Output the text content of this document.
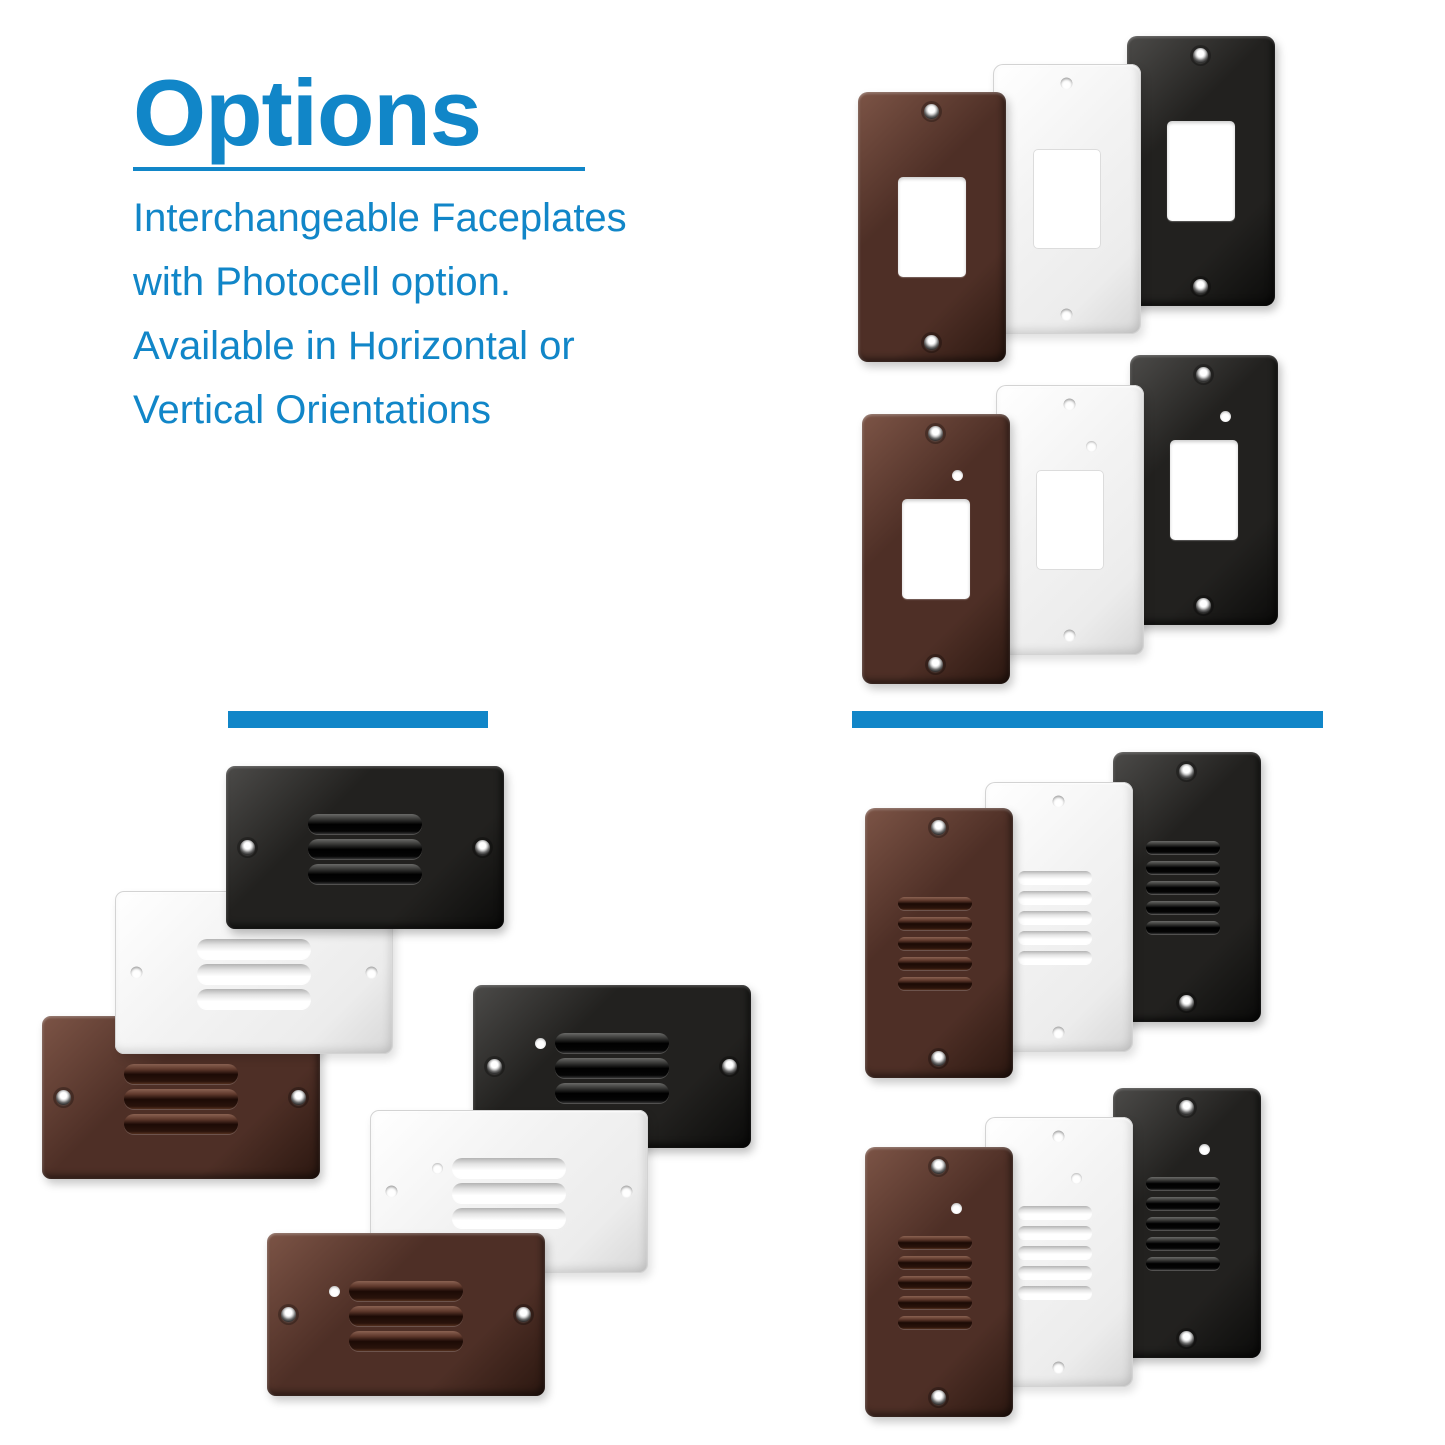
Options
Interchangeable Faceplates
with Photocell option.
Available in Horizontal or
Vertical Orientations
